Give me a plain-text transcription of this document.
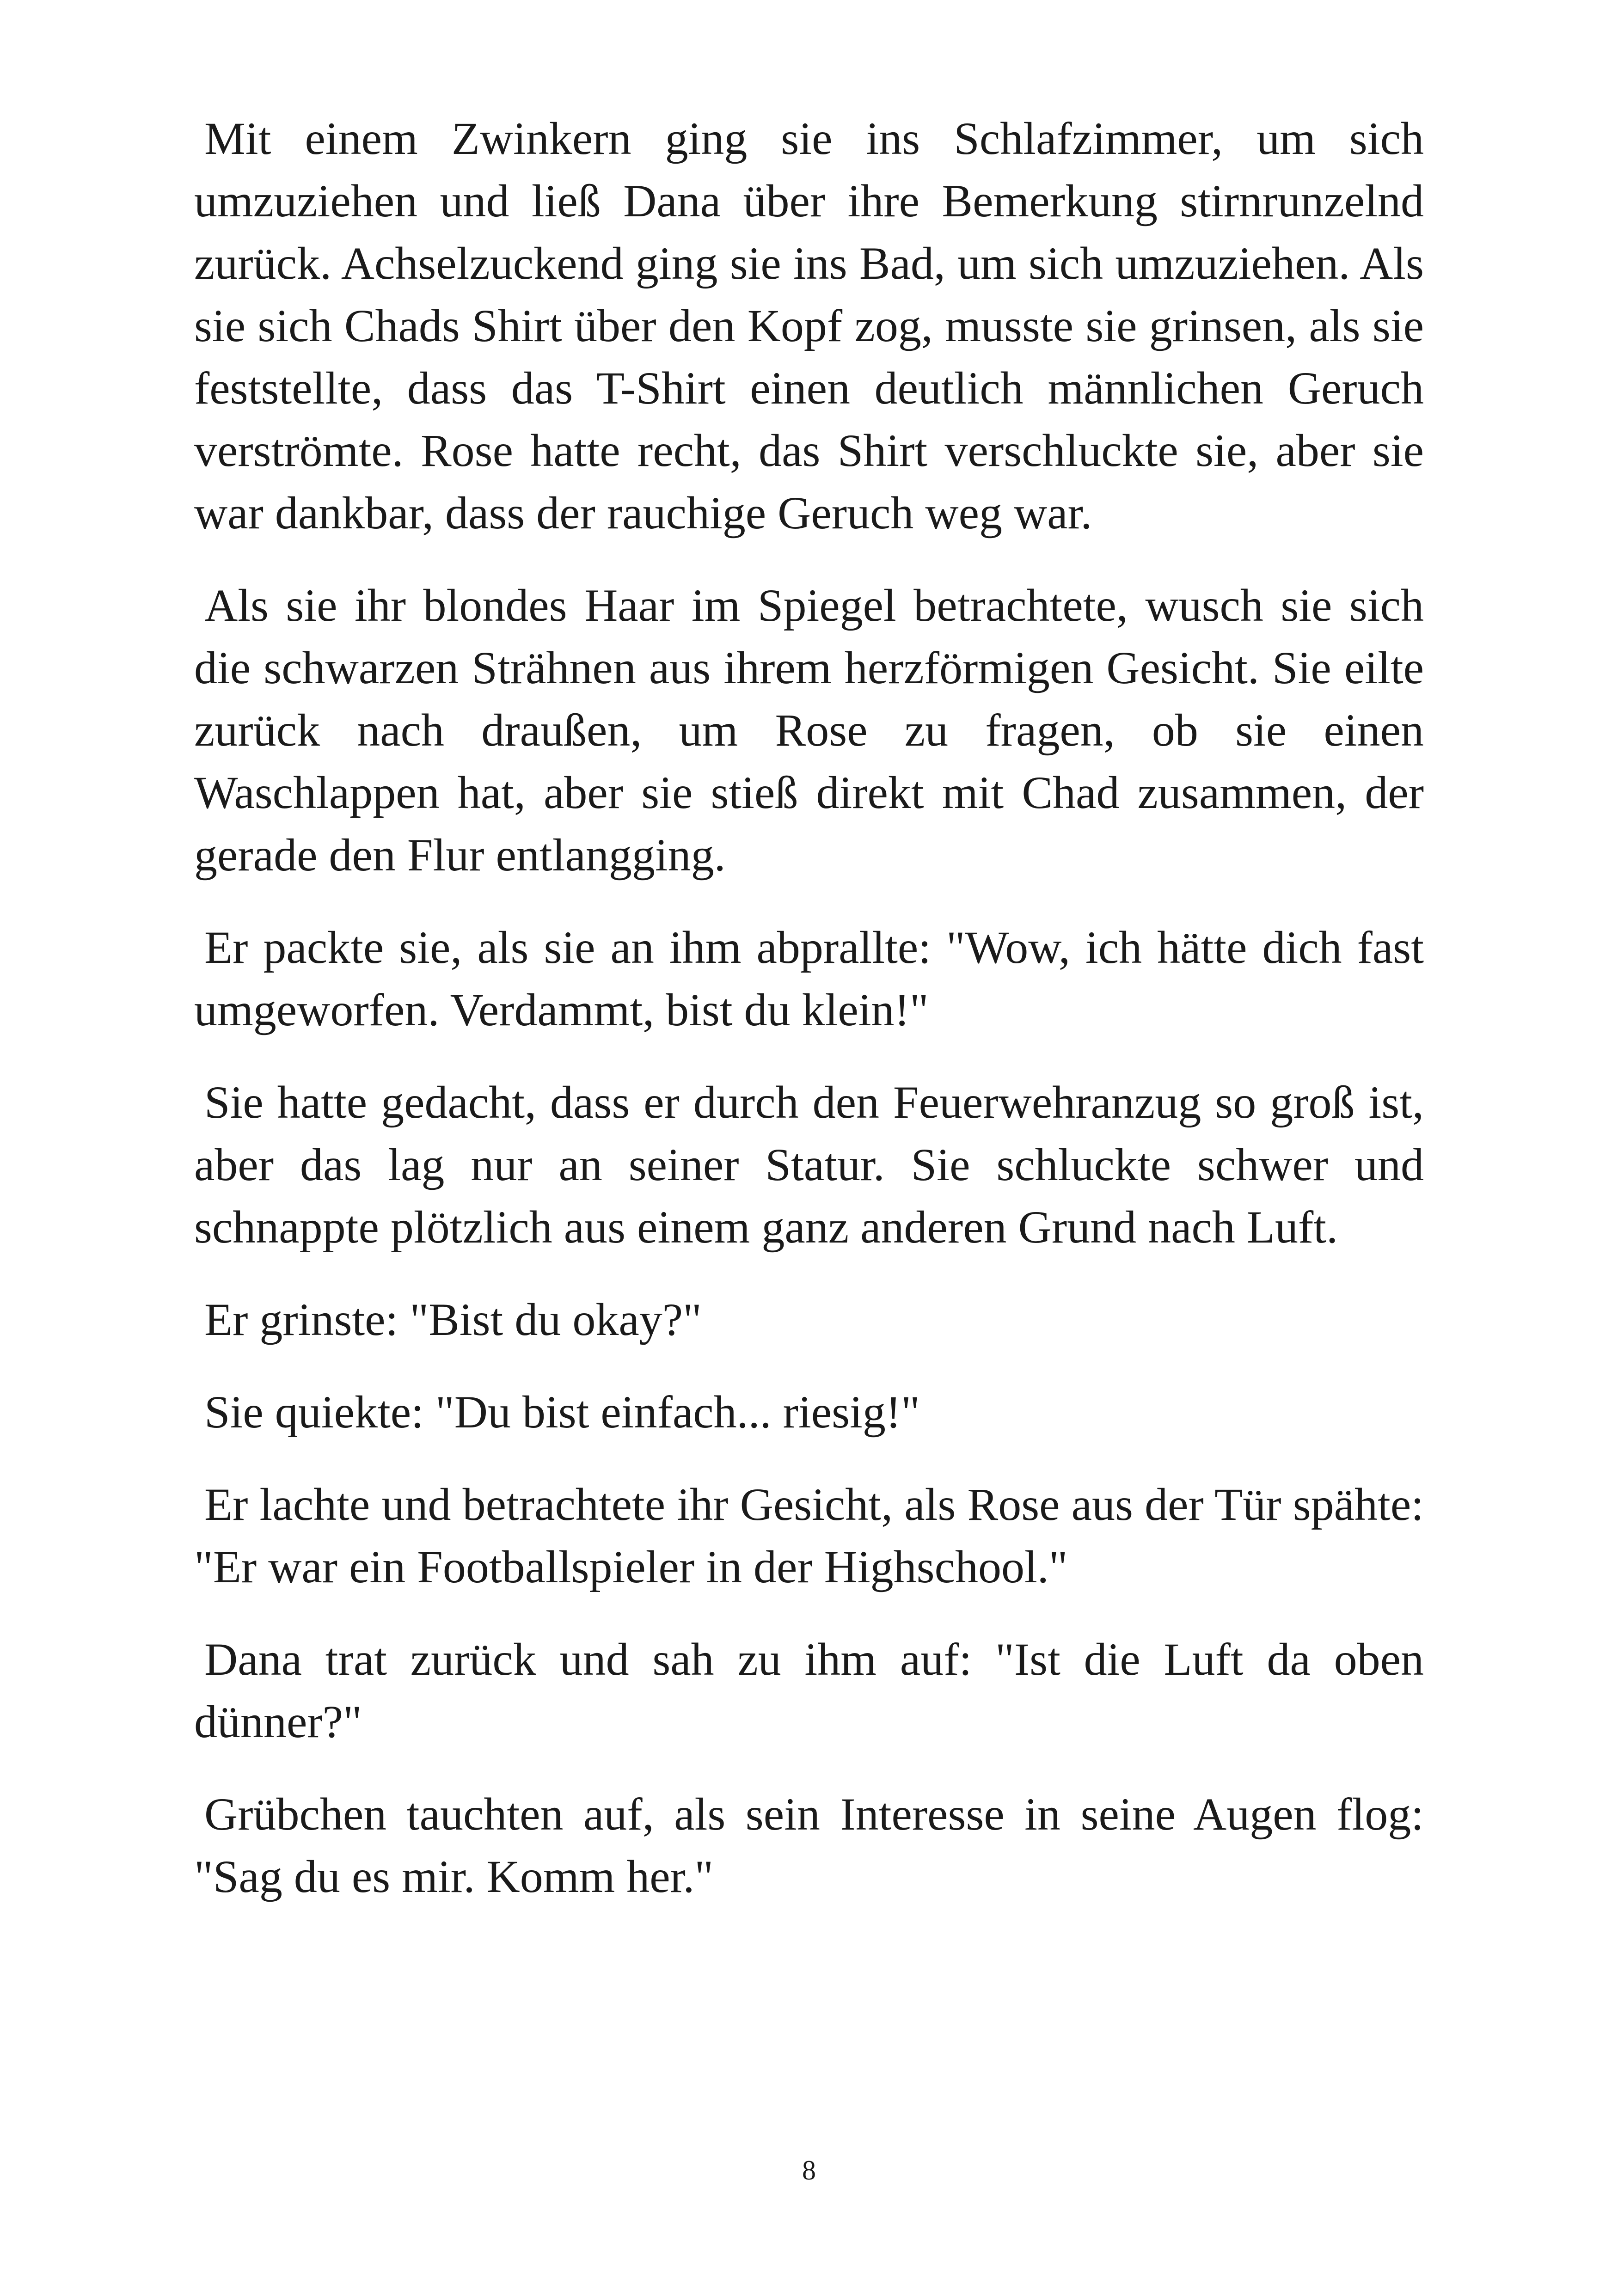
Mit einem Zwinkern ging sie ins Schlafzimmer, um sich umzuziehen und ließ Dana über ihre Bemerkung stirnrunzelnd zurück. Achselzuckend ging sie ins Bad, um sich umzuziehen. Als sie sich Chads Shirt über den Kopf zog, musste sie grinsen, als sie feststellte, dass das T-Shirt einen deutlich männlichen Geruch verströmte. Rose hatte recht, das Shirt verschluckte sie, aber sie war dankbar, dass der rauchige Geruch weg war.

Als sie ihr blondes Haar im Spiegel betrachtete, wusch sie sich die schwarzen Strähnen aus ihrem herzförmigen Gesicht. Sie eilte zurück nach draußen, um Rose zu fragen, ob sie einen Waschlappen hat, aber sie stieß direkt mit Chad zusammen, der gerade den Flur entlangging.

Er packte sie, als sie an ihm abprallte: "Wow, ich hätte dich fast umgeworfen. Verdammt, bist du klein!"

Sie hatte gedacht, dass er durch den Feuerwehranzug so groß ist, aber das lag nur an seiner Statur. Sie schluckte schwer und schnappte plötzlich aus einem ganz anderen Grund nach Luft.

Er grinste: "Bist du okay?"

Sie quiekte: "Du bist einfach... riesig!"

Er lachte und betrachtete ihr Gesicht, als Rose aus der Tür spähte: "Er war ein Footballspieler in der Highschool."

Dana trat zurück und sah zu ihm auf: "Ist die Luft da oben dünner?"

Grübchen tauchten auf, als sein Interesse in seine Augen flog: "Sag du es mir. Komm her."

8
